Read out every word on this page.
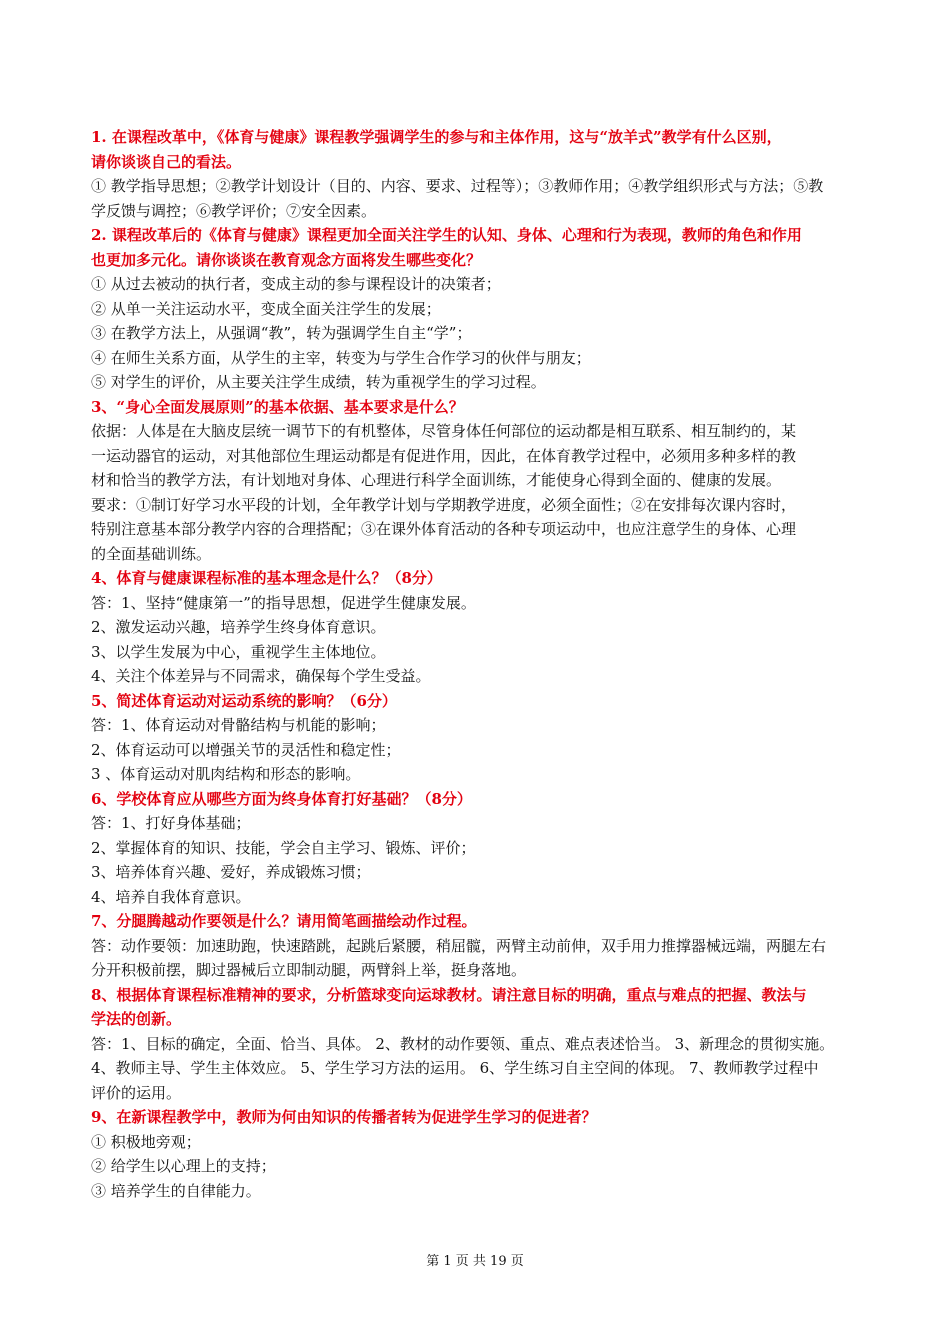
1. 在课程改革中，《体育与健康》课程教学强调学生的参与和主体作用，这与“放羊式”教学有什么区别，
请你谈谈自己的看法。
① 教学指导思想；②教学计划设计（目的、内容、要求、过程等）；③教师作用；④教学组织形式与方法；⑤教
学反馈与调控；⑥教学评价；⑦安全因素。
2. 课程改革后的《体育与健康》课程更加全面关注学生的认知、身体、心理和行为表现，教师的角色和作用
也更加多元化。请你谈谈在教育观念方面将发生哪些变化？
① 从过去被动的执行者，变成主动的参与课程设计的决策者；
② 从单一关注运动水平，变成全面关注学生的发展；
③ 在教学方法上，从强调“教”，转为强调学生自主“学”；
④ 在师生关系方面，从学生的主宰，转变为与学生合作学习的伙伴与朋友；
⑤ 对学生的评价，从主要关注学生成绩，转为重视学生的学习过程。
3、“身心全面发展原则”的基本依据、基本要求是什么？
依据：人体是在大脑皮层统一调节下的有机整体，尽管身体任何部位的运动都是相互联系、相互制约的，某
一运动器官的运动，对其他部位生理运动都是有促进作用，因此，在体育教学过程中，必须用多种多样的教
材和恰当的教学方法，有计划地对身体、心理进行科学全面训练，才能使身心得到全面的、健康的发展。
要求：①制订好学习水平段的计划，全年教学计划与学期教学进度，必须全面性；②在安排每次课内容时，
特别注意基本部分教学内容的合理搭配；③在课外体育活动的各种专项运动中，也应注意学生的身体、心理
的全面基础训练。
4、体育与健康课程标准的基本理念是什么？（8分）
答：1、坚持“健康第一”的指导思想，促进学生健康发展。
2、激发运动兴趣，培养学生终身体育意识。
3、以学生发展为中心，重视学生主体地位。
4、关注个体差异与不同需求，确保每个学生受益。
5、简述体育运动对运动系统的影响？（6分）
答：1、体育运动对骨骼结构与机能的影响；
2、体育运动可以增强关节的灵活性和稳定性；
3 、体育运动对肌肉结构和形态的影响。
6、学校体育应从哪些方面为终身体育打好基础？（8分）
答：1、打好身体基础；
2、掌握体育的知识、技能，学会自主学习、锻炼、评价；
3、培养体育兴趣、爱好，养成锻炼习惯；
4、培养自我体育意识。
7、分腿腾越动作要领是什么？请用简笔画描绘动作过程。
答：动作要领：加速助跑，快速踏跳，起跳后紧腰，稍屈髋，两臂主动前伸，双手用力推撑器械远端，两腿左右
分开积极前摆，脚过器械后立即制动腿，两臂斜上举，挺身落地。
8、根据体育课程标准精神的要求，分析篮球变向运球教材。请注意目标的明确，重点与难点的把握、教法与
学法的创新。
答：1、目标的确定，全面、恰当、具体。 2、教材的动作要领、重点、难点表述恰当。 3、新理念的贯彻实施。
4、教师主导、学生主体效应。 5、学生学习方法的运用。 6、学生练习自主空间的体现。 7、教师教学过程中
评价的运用。
9、在新课程教学中，教师为何由知识的传播者转为促进学生学习的促进者？
① 积极地旁观；
② 给学生以心理上的支持；
③ 培养学生的自律能力。
第 1 页 共 19 页
